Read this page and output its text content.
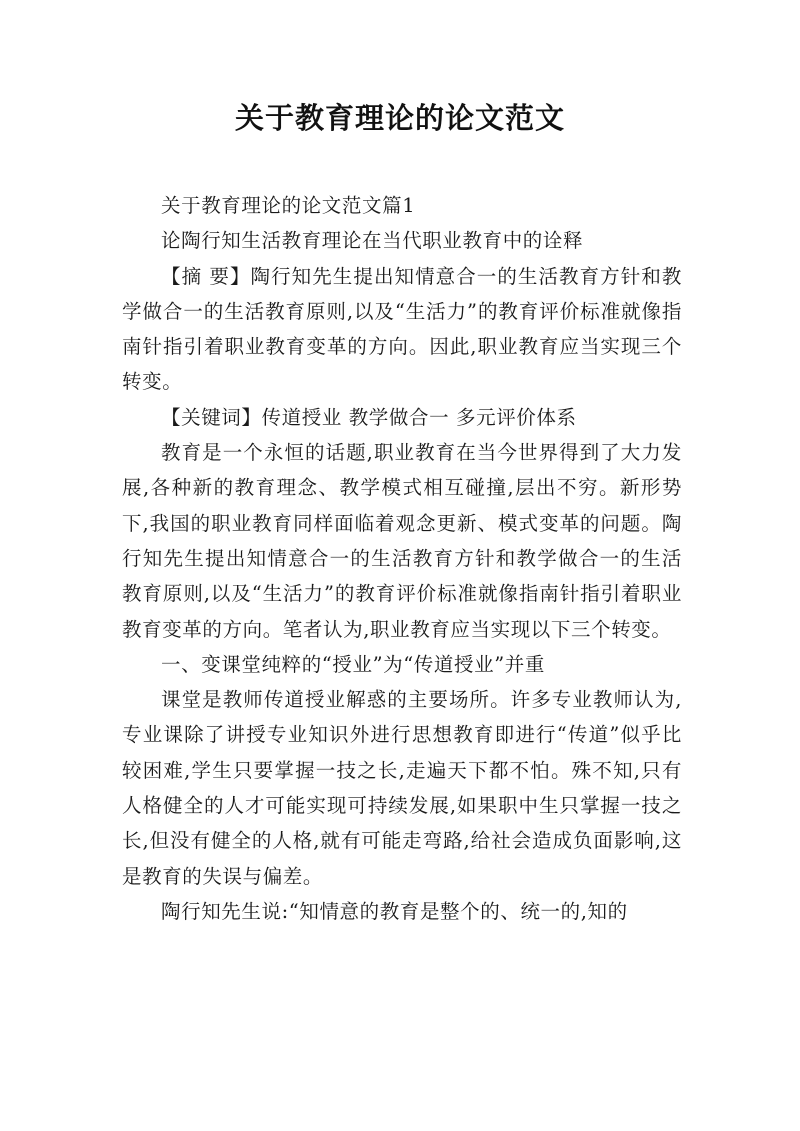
关于教育理论的论文范文

关于教育理论的论文范文篇1

论陶行知生活教育理论在当代职业教育中的诠释

【摘 要】陶行知先生提出知情意合一的生活教育方针和教学做合一的生活教育原则,以及“生活力”的教育评价标准就像指南针指引着职业教育变革的方向。因此,职业教育应当实现三个转变。

【关键词】传道授业 教学做合一 多元评价体系

教育是一个永恒的话题,职业教育在当今世界得到了大力发展,各种新的教育理念、教学模式相互碰撞,层出不穷。新形势下,我国的职业教育同样面临着观念更新、模式变革的问题。陶行知先生提出知情意合一的生活教育方针和教学做合一的生活教育原则,以及“生活力”的教育评价标准就像指南针指引着职业教育变革的方向。笔者认为,职业教育应当实现以下三个转变。

一、变课堂纯粹的“授业”为“传道授业”并重

课堂是教师传道授业解惑的主要场所。许多专业教师认为,专业课除了讲授专业知识外进行思想教育即进行“传道”似乎比较困难,学生只要掌握一技之长,走遍天下都不怕。殊不知,只有人格健全的人才可能实现可持续发展,如果职中生只掌握一技之长,但没有健全的人格,就有可能走弯路,给社会造成负面影响,这是教育的失误与偏差。

陶行知先生说:“知情意的教育是整个的、统一的,知的
